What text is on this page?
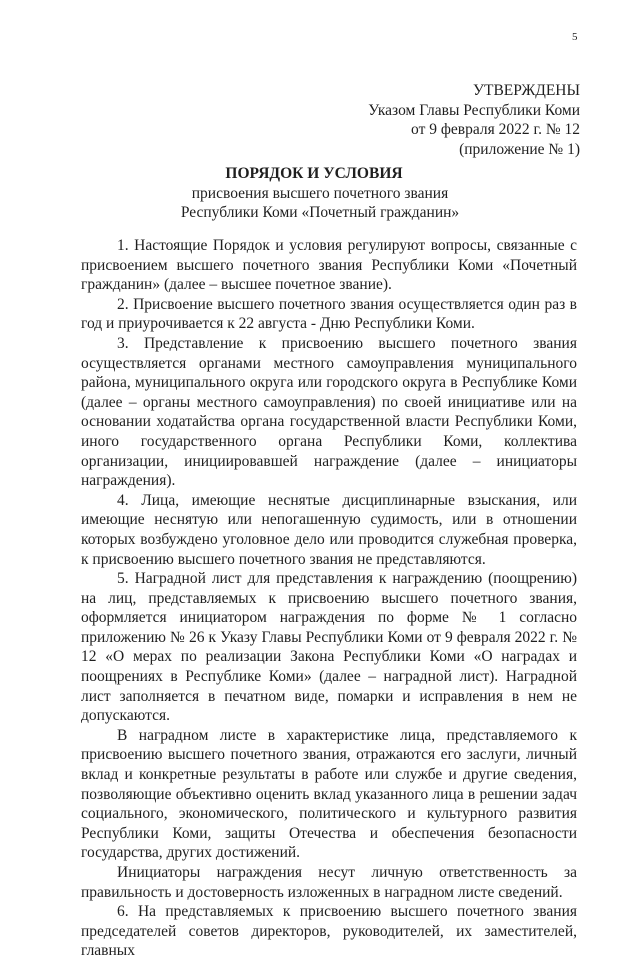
5
УТВЕРЖДЕНЫ
Указом Главы Республики Коми
от 9 февраля 2022 г. № 12
(приложение № 1)
ПОРЯДОК И УСЛОВИЯ
присвоения высшего почетного звания
Республики Коми «Почетный гражданин»

1. Настоящие Порядок и условия регулируют вопросы, связанные с присвоением высшего почетного звания Республики Коми «Почетный гражданин» (далее – высшее почетное звание).

2. Присвоение высшего почетного звания осуществляется один раз в год и приурочивается к 22 августа - Дню Республики Коми.

3. Представление к присвоению высшего почетного звания осуществляется органами местного самоуправления муниципального района, муниципального округа или городского округа в Республике Коми (далее – органы местного самоуправления) по своей инициативе или на основании ходатайства органа государственной власти Республики Коми, иного государственного органа Республики Коми, коллектива организации, инициировавшей награждение (далее – инициаторы награждения).

4. Лица, имеющие неснятые дисциплинарные взыскания, или имеющие неснятую или непогашенную судимость, или в отношении которых возбуждено уголовное дело или проводится служебная проверка, к присвоению высшего почетного звания не представляются.

5. Наградной лист для представления к награждению (поощрению) на лиц, представляемых к присвоению высшего почетного звания, оформляется инициатором награждения по форме № 1 согласно приложению № 26 к Указу Главы Республики Коми от 9 февраля 2022 г. № 12 «О мерах по реализации Закона Республики Коми «О наградах и поощрениях в Республике Коми» (далее – наградной лист). Наградной лист заполняется в печатном виде, помарки и исправления в нем не допускаются.

В наградном листе в характеристике лица, представляемого к присвоению высшего почетного звания, отражаются его заслуги, личный вклад и конкретные результаты в работе или службе и другие сведения, позволяющие объективно оценить вклад указанного лица в решении задач социального, экономического, политического и культурного развития Республики Коми, защиты Отечества и обеспечения безопасности государства, других достижений.

Инициаторы награждения несут личную ответственность за правильность и достоверность изложенных в наградном листе сведений.

6. На представляемых к присвоению высшего почетного звания председателей советов директоров, руководителей, их заместителей, главных
